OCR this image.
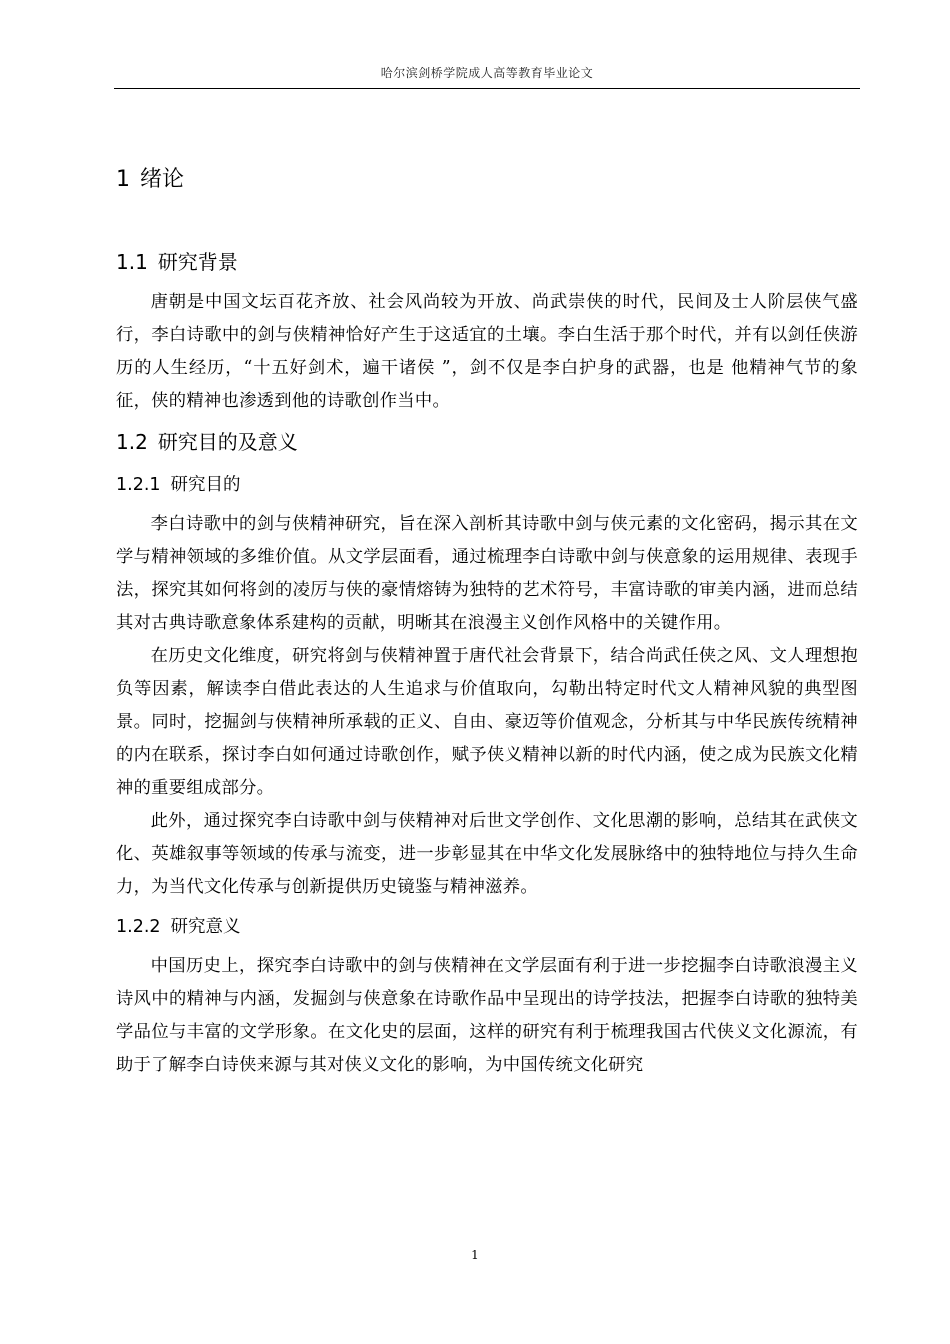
哈尔滨剑桥学院成人高等教育毕业论文
1 绪论
1.1 研究背景

唐朝是中国文坛百花齐放、社会风尚较为开放、尚武崇侠的时代，民间及士人阶层侠气盛行，李白诗歌中的剑与侠精神恰好产生于这适宜的土壤。李白生活于那个时代，并有以剑任侠游历的人生经历，“十五好剑术，遍干诸侯 ”，剑不仅是李白护身的武器，也是 他精神气节的象征，侠的精神也渗透到他的诗歌创作当中。

1.2 研究目的及意义
1.2.1 研究目的

李白诗歌中的剑与侠精神研究，旨在深入剖析其诗歌中剑与侠元素的文化密码，揭示其在文学与精神领域的多维价值。从文学层面看，通过梳理李白诗歌中剑与侠意象的运用规律、表现手法，探究其如何将剑的凌厉与侠的豪情熔铸为独特的艺术符号，丰富诗歌的审美内涵，进而总结其对古典诗歌意象体系建构的贡献，明晰其在浪漫主义创作风格中的关键作用。

在历史文化维度，研究将剑与侠精神置于唐代社会背景下，结合尚武任侠之风、文人理想抱负等因素，解读李白借此表达的人生追求与价值取向，勾勒出特定时代文人精神风貌的典型图景。同时，挖掘剑与侠精神所承载的正义、自由、豪迈等价值观念，分析其与中华民族传统精神的内在联系，探讨李白如何通过诗歌创作，赋予侠义精神以新的时代内涵，使之成为民族文化精神的重要组成部分。

此外，通过探究李白诗歌中剑与侠精神对后世文学创作、文化思潮的影响，总结其在武侠文化、英雄叙事等领域的传承与流变，进一步彰显其在中华文化发展脉络中的独特地位与持久生命力，为当代文化传承与创新提供历史镜鉴与精神滋养。

1.2.2 研究意义

中国历史上，探究李白诗歌中的剑与侠精神在文学层面有利于进一步挖掘李白诗歌浪漫主义诗风中的精神与内涵，发掘剑与侠意象在诗歌作品中呈现出的诗学技法，把握李白诗歌的独特美学品位与丰富的文学形象。在文化史的层面，这样的研究有利于梳理我国古代侠义文化源流，有助于了解李白诗侠来源与其对侠义文化的影响，为中国传统文化研究

1
